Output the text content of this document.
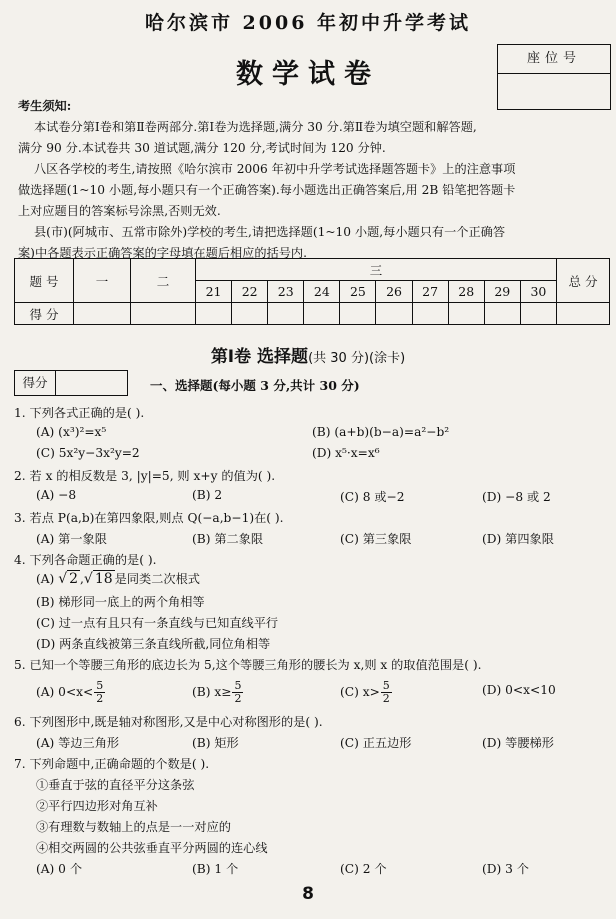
哈尔滨市 2006 年初中升学考试
数学试卷
座位号
考生须知:
本试卷分第Ⅰ卷和第Ⅱ卷两部分.第Ⅰ卷为选择题,满分 30 分.第Ⅱ卷为填空题和解答题,
满分 90 分.本试卷共 30 道试题,满分 120 分,考试时间为 120 分钟.
八区各学校的考生,请按照《哈尔滨市 2006 年初中升学考试选择题答题卡》上的注意事项
做选择题(1~10 小题,每小题只有一个正确答案).每小题选出正确答案后,用 2B 铅笔把答题卡
上对应题目的答案标号涂黑,否则无效.
县(市)(阿城市、五常市除外)学校的考生,请把选择题(1~10 小题,每小题只有一个正确答
案)中各题表示正确答案的字母填在题后相应的括号内.
题 号	一	二	三										总 分
			21	22	23	24	25	26	27	28	29	30	
得 分													
第Ⅰ卷 选择题(共 30 分)(涂卡)
得分	一、选择题(每小题 3 分,共计 30 分)
1. 下列各式正确的是( ).
(A) (x³)²=x⁵	(B) (a+b)(b−a)=a²−b²
(C) 5x²y−3x²y=2	(D) x⁵·x=x⁶
2. 若 x 的相反数是 3, |y|=5, 则 x+y 的值为( ).
(A) −8	(B) 2	(C) 8 或−2	(D) −8 或 2
3. 若点 P(a,b)在第四象限,则点 Q(−a,b−1)在( ).
(A) 第一象限	(B) 第二象限	(C) 第三象限	(D) 第四象限
4. 下列各命题正确的是( ).
(A) √ 2 ,√ 18 是同类二次根式
(B) 梯形同一底上的两个角相等
(C) 过一点有且只有一条直线与已知直线平行
(D) 两条直线被第三条直线所截,同位角相等
5. 已知一个等腰三角形的底边长为 5,这个等腰三角形的腰长为 x,则 x 的取值范围是( ).
(A) $0<x< \frac{5}{2}$	(B) $x\ge \frac{5}{2}$	(C) $x> \frac{5}{2}$	(D) 0<x<10
6. 下列图形中,既是轴对称图形,又是中心对称图形的是( ).
(A) 等边三角形	(B) 矩形	(C) 正五边形	(D) 等腰梯形
7. 下列命题中,正确命题的个数是( ).
①垂直于弦的直径平分这条弦
②平行四边形对角互补
③有理数与数轴上的点是一一对应的
④相交两圆的公共弦垂直平分两圆的连心线
(A) 0 个	(B) 1 个	(C) 2 个	(D) 3 个
8
